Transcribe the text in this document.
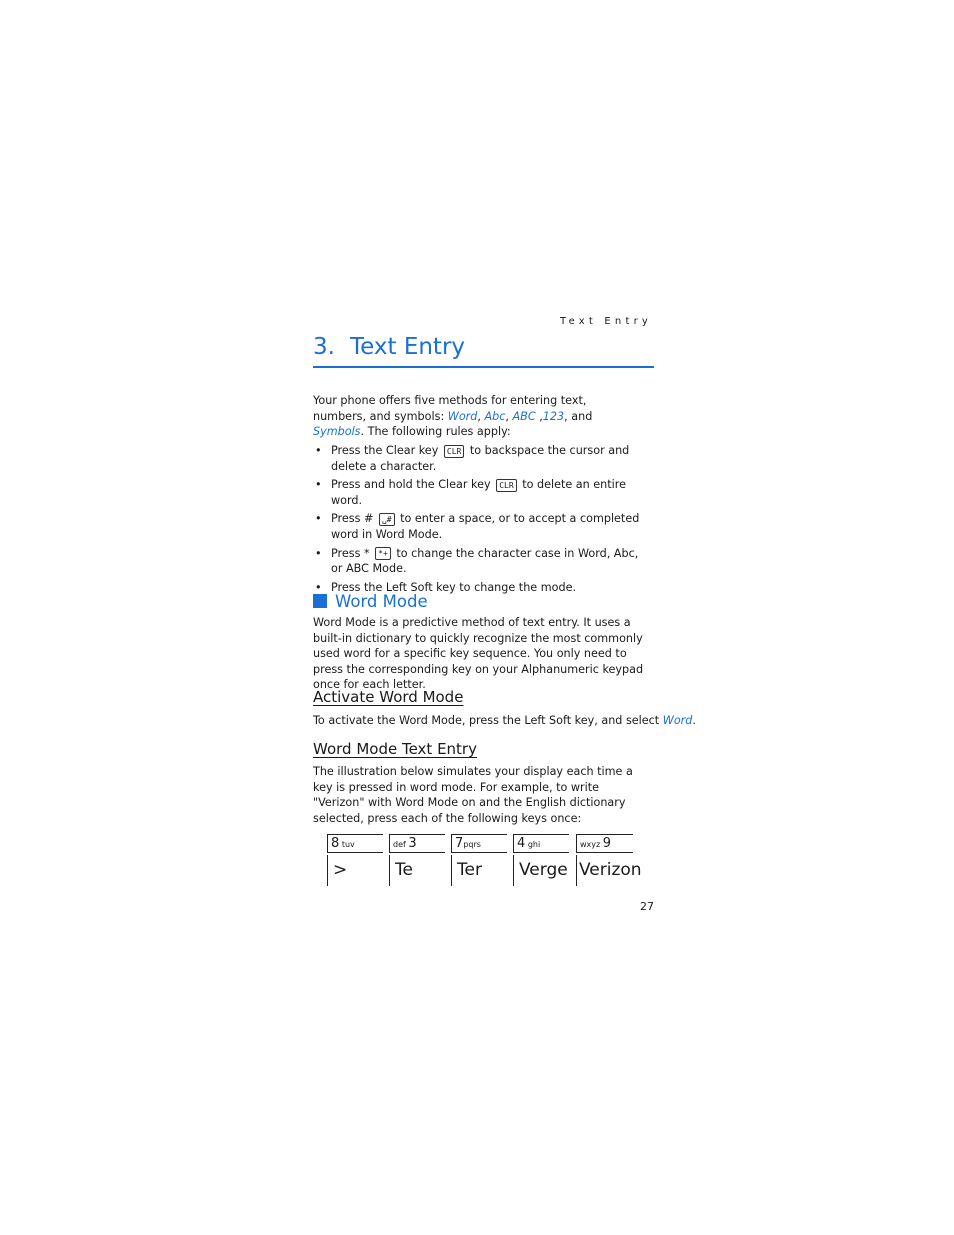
Text Entry
3. Text Entry
Your phone offers five methods for entering text, numbers, and symbols: Word, Abc, ABC ,123, and Symbols. The following rules apply:
• Press the Clear key CLR to backspace the cursor and delete a character.
• Press and hold the Clear key CLR to delete an entire word.
• Press # ␣# to enter a space, or to accept a completed word in Word Mode.
• Press * *+ to change the character case in Word, Abc, or ABC Mode.
• Press the Left Soft key to change the mode.
Word Mode
Word Mode is a predictive method of text entry. It uses a built-in dictionary to quickly recognize the most commonly used word for a specific key sequence. You only need to press the corresponding key on your Alphanumeric keypad once for each letter.
Activate Word Mode
To activate the Word Mode, press the Left Soft key, and select Word.
Word Mode Text Entry
The illustration below simulates your display each time a key is pressed in word mode. For example, to write "Verizon" with Word Mode on and the English dictionary selected, press each of the following keys once:
8 tuv
>
def 3
Te
7pqrs
Ter
4 ghi
Verge
wxyz 9
Verizon
27
